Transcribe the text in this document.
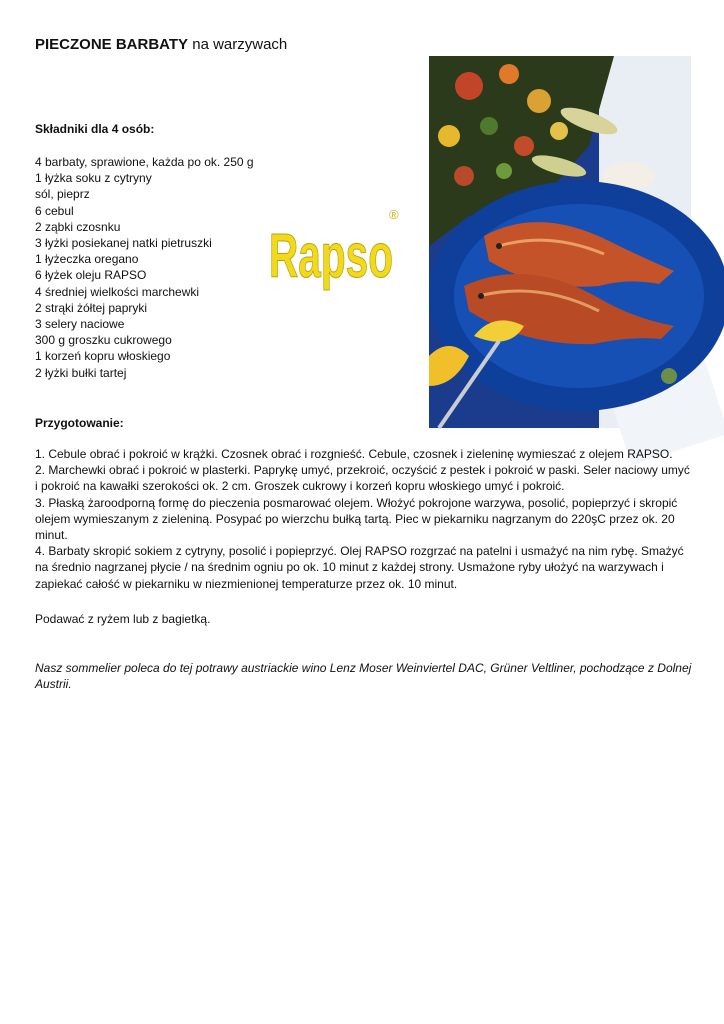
PIECZONE BARBATY na warzywach
Składniki dla 4 osób:
4 barbaty, sprawione, każda po ok. 250 g
1 łyżka soku z cytryny
sól, pieprz
6 cebul
2 ząbki czosnku
3 łyżki posiekanej natki pietruszki
1 łyżeczka oregano
6 łyżek oleju RAPSO
4 średniej wielkości marchewki
2 strąki żółtej papryki
3 selery naciowe
300 g groszku cukrowego
1 korzeń kopru włoskiego
2 łyżki bułki tartej
Rapso
®
Przygotowanie:

1. Cebule obrać i pokroić w krążki. Czosnek obrać i rozgnieść. Cebule, czosnek i zieleninę wymieszać z olejem RAPSO.

2. Marchewki obrać i pokroić w plasterki. Paprykę umyć, przekroić, oczyścić z pestek i pokroić w paski. Seler naciowy umyć i pokroić na kawałki szerokości ok. 2 cm. Groszek cukrowy i korzeń kopru włoskiego umyć i pokroić.

3. Płaską żaroodporną formę do pieczenia posmarować olejem. Włożyć pokrojone warzywa, posolić, popieprzyć i skropić olejem wymieszanym z zieleniną. Posypać po wierzchu bułką tartą. Piec w piekarniku nagrzanym do 220şC przez ok. 20 minut.

4. Barbaty skropić sokiem z cytryny, posolić i popieprzyć. Olej RAPSO rozgrzać na patelni i usmażyć na nim rybę. Smażyć na średnio nagrzanej płycie / na średnim ogniu po ok. 10 minut z każdej strony. Usmażone ryby ułożyć na warzywach i zapiekać całość w piekarniku w niezmienionej temperaturze przez ok. 10 minut.

Podawać z ryżem lub z bagietką.
Nasz sommelier poleca do tej potrawy austriackie wino Lenz Moser Weinviertel DAC, Grüner Veltliner, pochodzące z Dolnej Austrii.
